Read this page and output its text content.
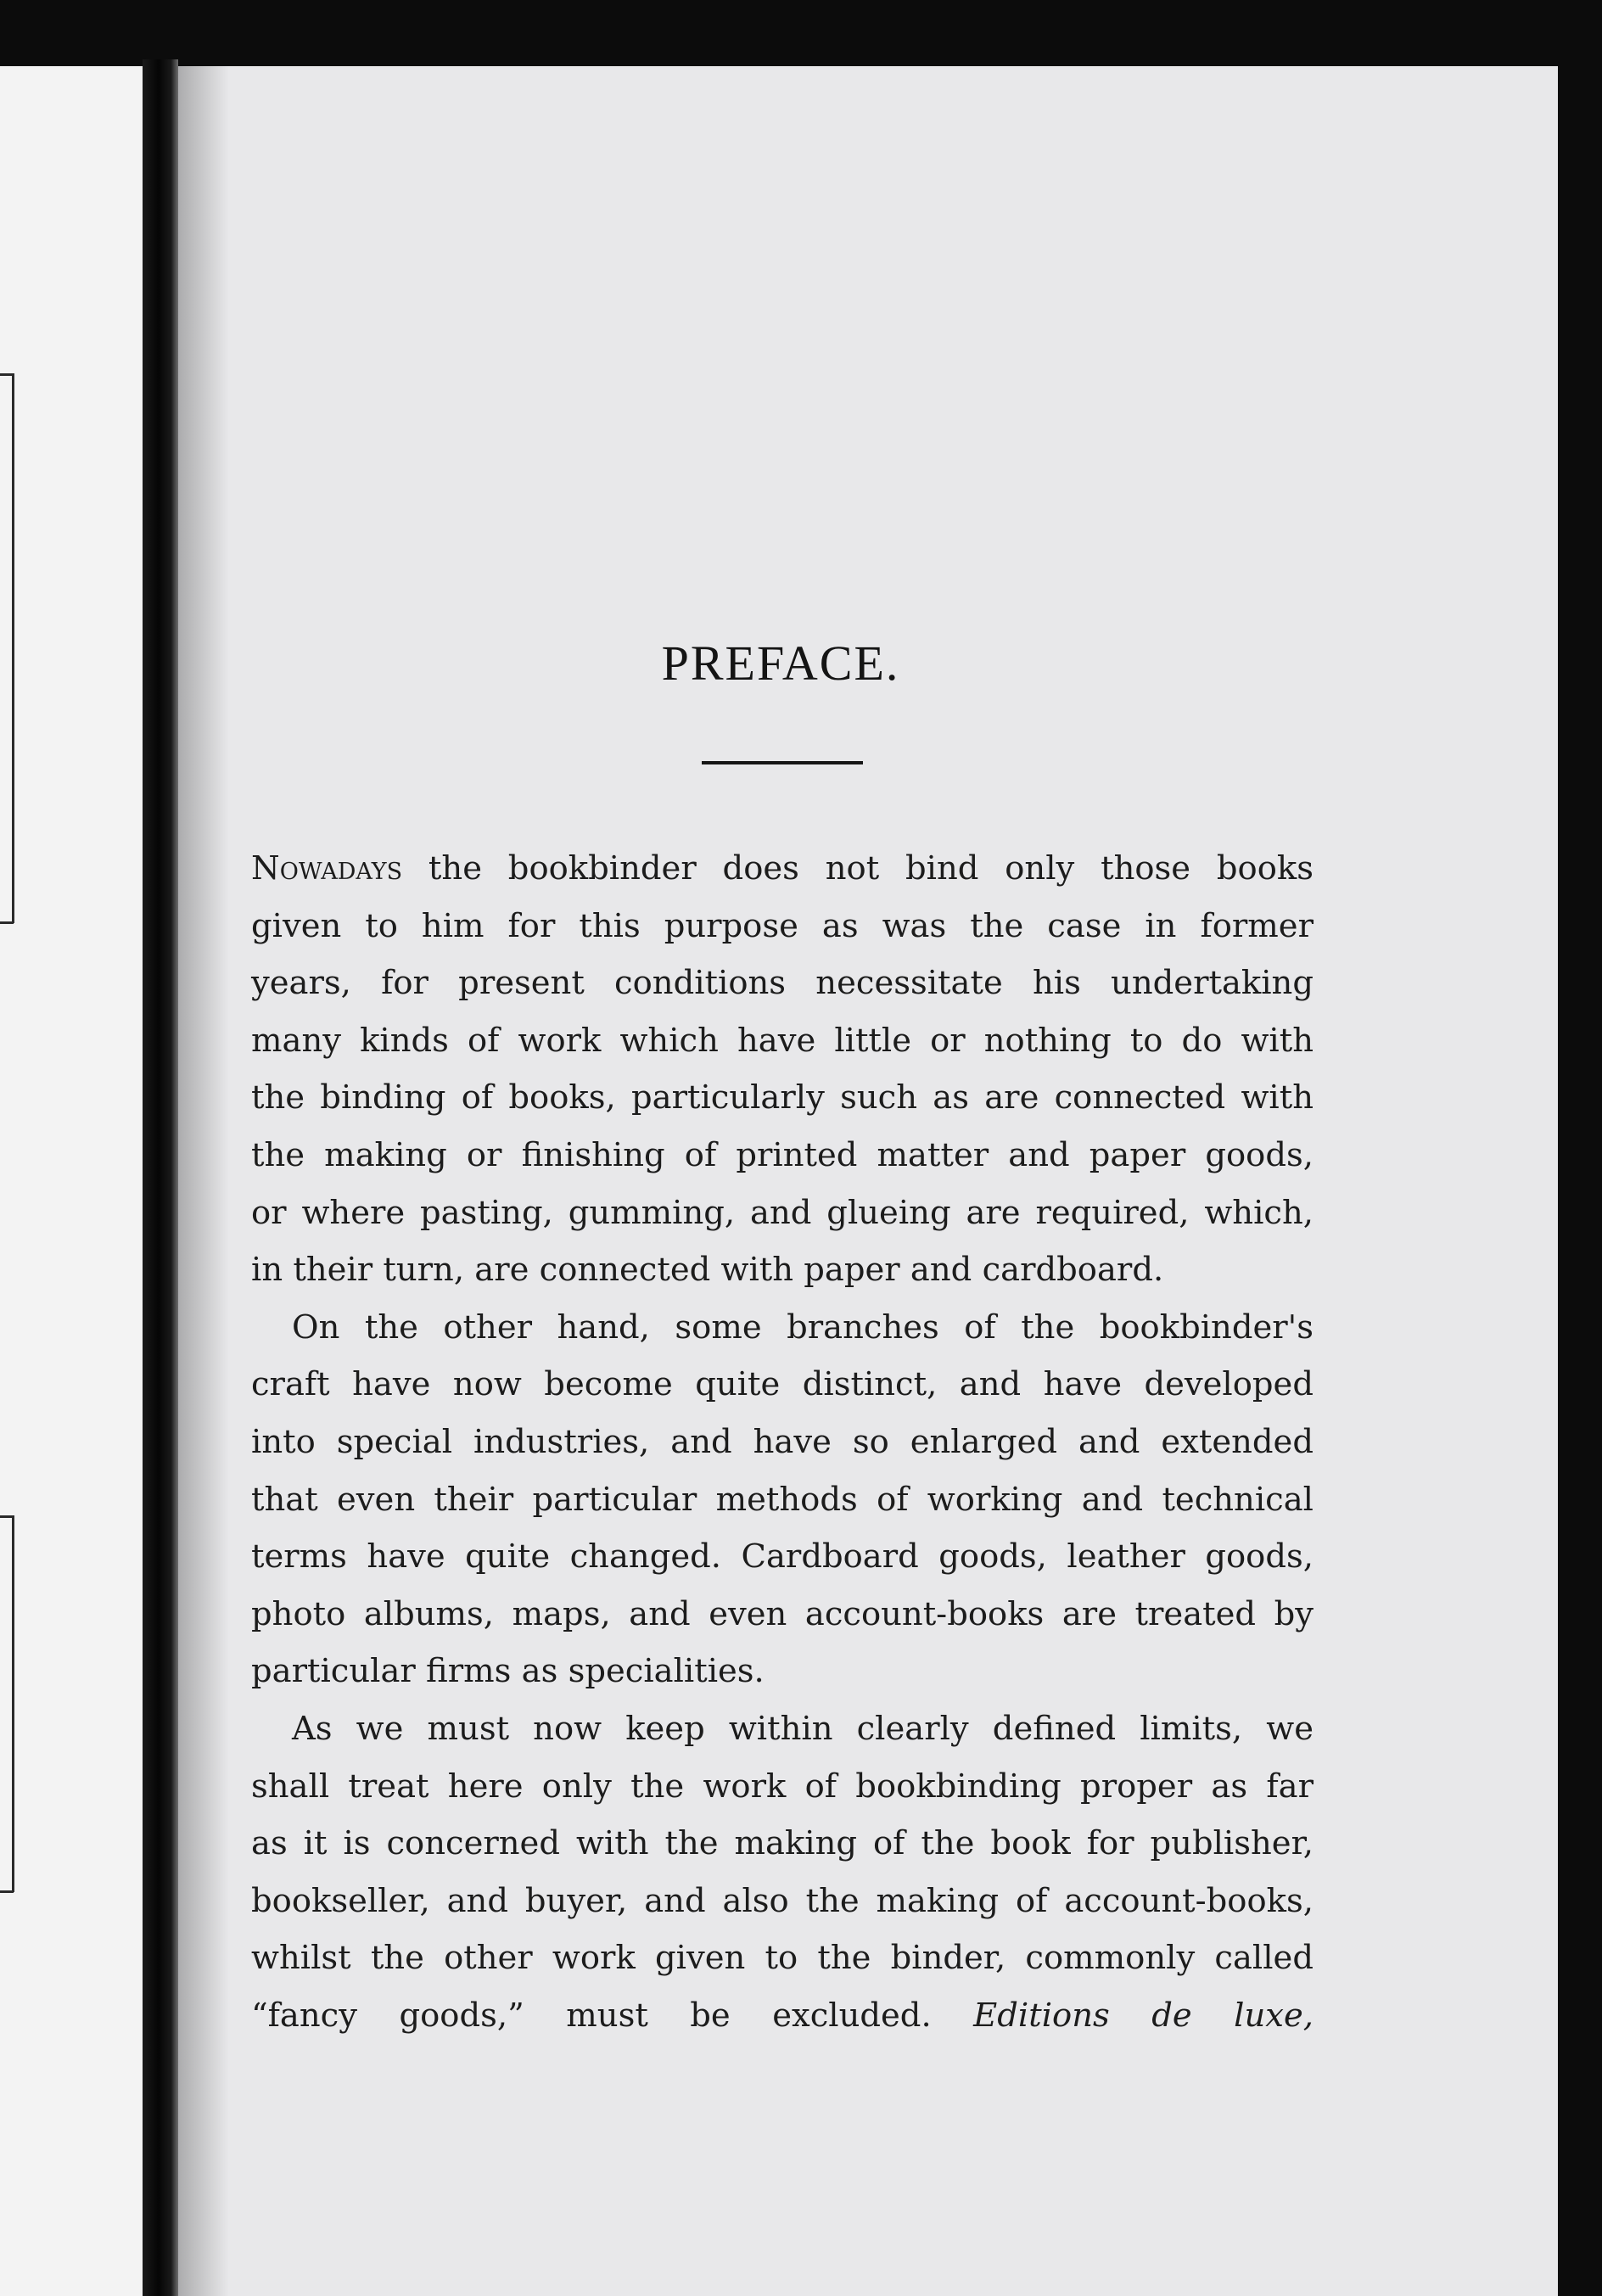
PREFACE.
Nowadays the bookbinder does not bind only those books
given to him for this purpose as was the case in former
years, for present conditions necessitate his undertaking
many kinds of work which have little or nothing to do with
the binding of books, particularly such as are connected with
the making or finishing of printed matter and paper goods,
or where pasting, gumming, and glueing are required, which,
in their turn, are connected with paper and cardboard.
On the other hand, some branches of the bookbinder's
craft have now become quite distinct, and have developed
into special industries, and have so enlarged and extended
that even their particular methods of working and technical
terms have quite changed. Cardboard goods, leather goods,
photo albums, maps, and even account-books are treated by
particular firms as specialities.
As we must now keep within clearly defined limits, we
shall treat here only the work of bookbinding proper as far
as it is concerned with the making of the book for publisher,
bookseller, and buyer, and also the making of account-books,
whilst the other work given to the binder, commonly called
“fancy goods,” must be excluded. Editions de luxe,
